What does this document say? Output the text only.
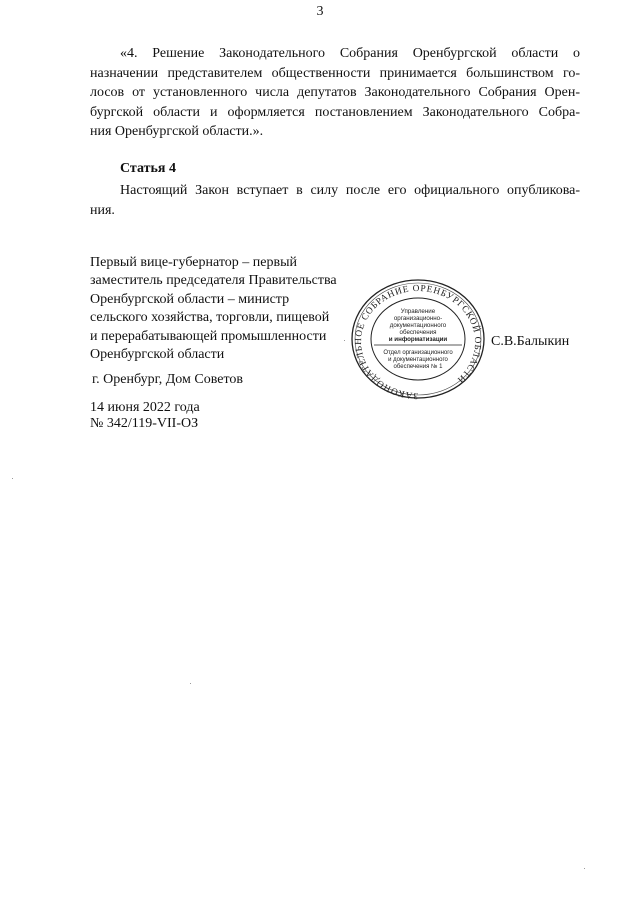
3
«4. Решение Законодательного Собрания Оренбургской области о
назначении представителем общественности принимается большинством го-
лосов от установленного числа депутатов Законодательного Собрания Орен-
бургской области и оформляется постановлением Законодательного Собра-
ния Оренбургской области.».
Статья 4
Настоящий Закон вступает в силу после его официального опубликова-
ния.
Первый вице-губернатор – первый
заместитель председателя Правительства
Оренбургской области – министр
сельского хозяйства, торговли, пищевой
и перерабатывающей промышленности
Оренбургской области
ЗАКОНОДАТЕЛЬНОЕ СОБРАНИЕ ОРЕНБУРГСКОЙ ОБЛАСТИ
Управление
организационно-
документационного
обеспечения
и информатизации
Отдел организационного
и документационного
обеспечения № 1
С.В.Балыкин
г. Оренбург, Дом Советов
14 июня 2022 года
№ 342/119-VII-ОЗ
